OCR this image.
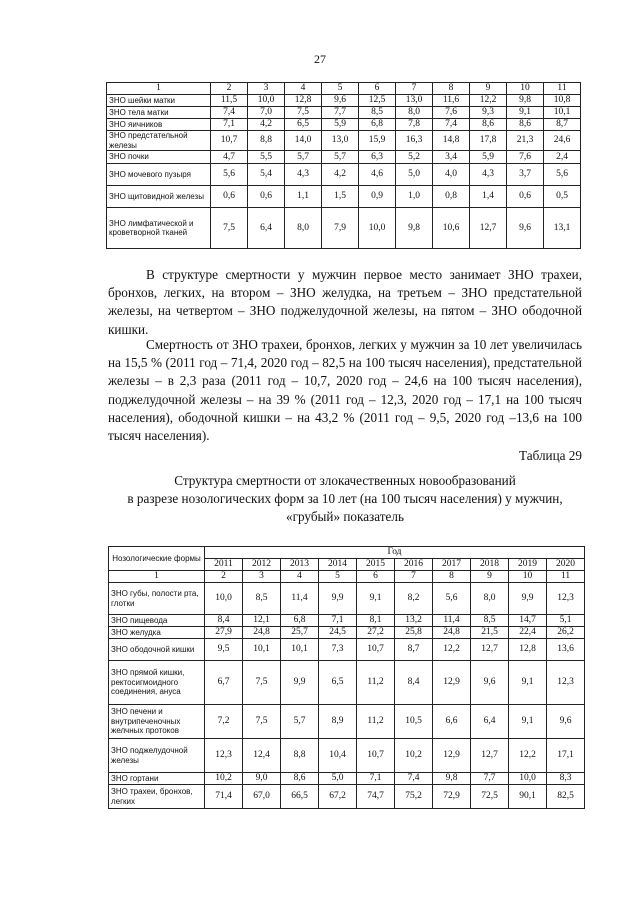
27
1	2	3	4	5	6	7	8	9	10	11
ЗНО шейки матки	11,5	10,0	12,8	9,6	12,5	13,0	11,6	12,2	9,8	10,8
ЗНО тела матки	7,4	7,0	7,5	7,7	8,5	8,0	7,6	9,3	9,1	10,1
ЗНО яичников	7,1	4,2	6,5	5,9	6,8	7,8	7,4	8,6	8,6	8,7
ЗНО предстательной железы	10,7	8,8	14,0	13,0	15,9	16,3	14,8	17,8	21,3	24,6
ЗНО почки	4,7	5,5	5,7	5,7	6,3	5,2	3,4	5,9	7,6	2,4
ЗНО мочевого пузыря	5,6	5,4	4,3	4,2	4,6	5,0	4,0	4,3	3,7	5,6
ЗНО щитовидной железы	0,6	0,6	1,1	1,5	0,9	1,0	0,8	1,4	0,6	0,5
ЗНО лимфатической и кроветворной тканей	7,5	6,4	8,0	7,9	10,0	9,8	10,6	12,7	9,6	13,1

В структуре смертности у мужчин первое место занимает ЗНО трахеи, бронхов, легких, на втором – ЗНО желудка, на третьем – ЗНО предстательной железы, на четвертом – ЗНО поджелудочной железы, на пятом – ЗНО ободочной кишки.

Смертность от ЗНО трахеи, бронхов, легких у мужчин за 10 лет увеличилась на 15,5 % (2011 год – 71,4, 2020 год – 82,5 на 100 тысяч населения), предстательной железы – в 2,3 раза (2011 год – 10,7, 2020 год – 24,6 на 100 тысяч населения), поджелудочной железы – на 39 % (2011 год – 12,3, 2020 год – 17,1 на 100 тысяч населения), ободочной кишки – на 43,2 % (2011 год – 9,5, 2020 год –13,6 на 100 тысяч населения).

Таблица 29
Структура смертности от злокачественных новообразований
в разрезе нозологических форм за 10 лет (на 100 тысяч населения) у мужчин,
«грубый» показатель
Нозологические формы	Год									
	2011	2012	2013	2014	2015	2016	2017	2018	2019	2020
1	2	3	4	5	6	7	8	9	10	11
ЗНО губы, полости рта, глотки	10,0	8,5	11,4	9,9	9,1	8,2	5,6	8,0	9,9	12,3
ЗНО пищевода	8,4	12,1	6,8	7,1	8,1	13,2	11,4	8,5	14,7	5,1
ЗНО желудка	27,9	24,8	25,7	24,5	27,2	25,8	24,8	21,5	22,4	26,2
ЗНО ободочной кишки	9,5	10,1	10,1	7,3	10,7	8,7	12,2	12,7	12,8	13,6
ЗНО прямой кишки, ректосигмоидного соединения, ануса	6,7	7,5	9,9	6,5	11,2	8,4	12,9	9,6	9,1	12,3
ЗНО печени и внутрипеченочных желчных протоков	7,2	7,5	5,7	8,9	11,2	10,5	6,6	6,4	9,1	9,6
ЗНО поджелудочной железы	12,3	12,4	8,8	10,4	10,7	10,2	12,9	12,7	12,2	17,1
ЗНО гортани	10,2	9,0	8,6	5,0	7,1	7,4	9,8	7,7	10,0	8,3
ЗНО трахеи, бронхов, легких	71,4	67,0	66,5	67,2	74,7	75,2	72,9	72,5	90,1	82,5
